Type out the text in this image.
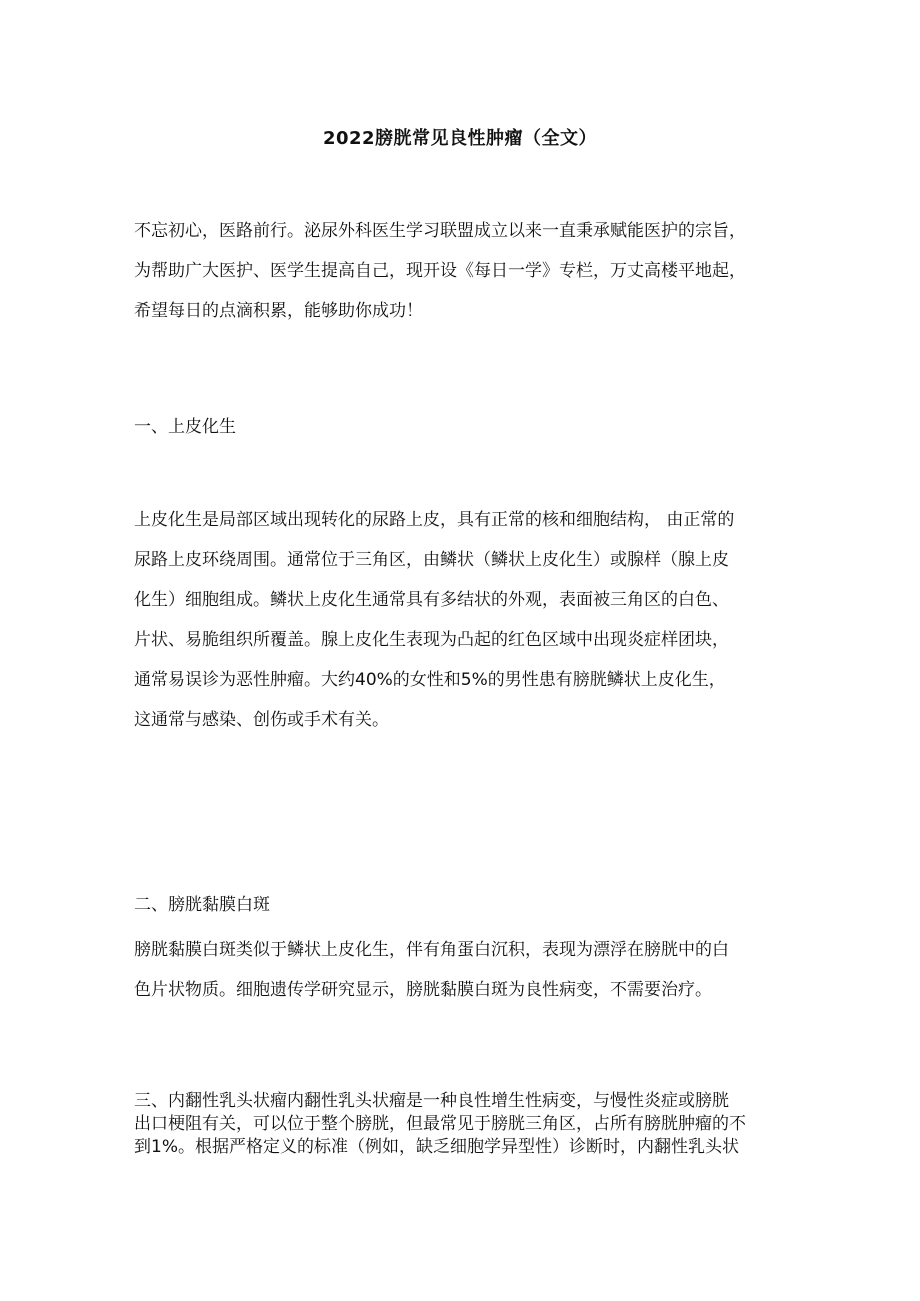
2022膀胱常见良性肿瘤（全文）
不忘初心，医路前行。泌尿外科医生学习联盟成立以来一直秉承赋能医护的宗旨，
为帮助广大医护、医学生提高自己，现开设《每日一学》专栏，万丈高楼平地起，
希望每日的点滴积累，能够助你成功！
一、上皮化生
上皮化生是局部区域出现转化的尿路上皮，具有正常的核和细胞结构， 由正常的
尿路上皮环绕周围。通常位于三角区，由鳞状（鳞状上皮化生）或腺样（腺上皮
化生）细胞组成。鳞状上皮化生通常具有多结状的外观，表面被三角区的白色、
片状、易脆组织所覆盖。腺上皮化生表现为凸起的红色区域中出现炎症样团块，
通常易误诊为恶性肿瘤。大约40%的女性和5%的男性患有膀胱鳞状上皮化生，
这通常与感染、创伤或手术有关。
二、膀胱黏膜白斑
膀胱黏膜白斑类似于鳞状上皮化生，伴有角蛋白沉积，表现为漂浮在膀胱中的白
色片状物质。细胞遗传学研究显示，膀胱黏膜白斑为良性病变，不需要治疗。
三、内翻性乳头状瘤内翻性乳头状瘤是一种良性增生性病变，与慢性炎症或膀胱
出口梗阻有关，可以位于整个膀胱，但最常见于膀胱三角区，占所有膀胱肿瘤的不
到1%。根据严格定义的标准（例如，缺乏细胞学异型性）诊断时，内翻性乳头状
